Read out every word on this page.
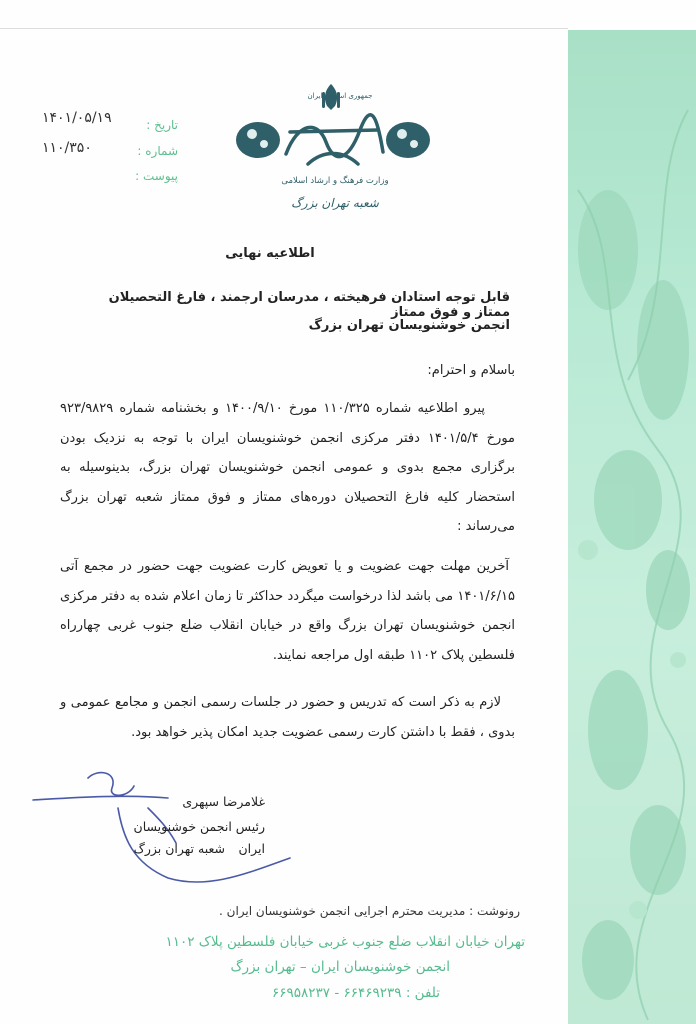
تاریخ :
شماره :
پیوست :
۱۴۰۱/۰۵/۱۹
۱۱۰/۳۵۰
جمهوری اسلامی ایران
وزارت فرهنگ و ارشاد اسلامی
شعبه تهران بزرگ
اطلاعیه نهایی
قابل توجه استادان فرهیخته ، مدرسان ارجمند ، فارغ التحصیلان ممتاز و فوق ممتاز
انجمن خوشنویسان تهران بزرگ
باسلام و احترام:
پیرو اطلاعیه شماره ۱۱۰/۳۲۵ مورخ ۱۴۰۰/۹/۱۰ و بخشنامه شماره ۹۲۳/۹۸۲۹ مورخ ۱۴۰۱/۵/۴ دفتر مرکزی انجمن خوشنویسان ایران با توجه به نزدیک بودن برگزاری مجمع بدوی و عمومی انجمن خوشنویسان تهران بزرگ، بدینوسیله به استحضار کلیه فارغ التحصیلان دوره‌های ممتاز و فوق ممتاز شعبه تهران بزرگ می‌رساند :
آخرین مهلت جهت عضویت و یا تعویض کارت عضویت جهت حضور در مجمع آتی ۱۴۰۱/۶/۱۵ می باشد لذا درخواست میگردد حداکثر تا زمان اعلام شده به دفتر مرکزی انجمن خوشنویسان تهران بزرگ واقع در خیابان انقلاب ضلع جنوب غربی چهارراه فلسطین پلاک ۱۱۰۲ طبقه اول مراجعه نمایند.
لازم به ذکر است که تدریس و حضور در جلسات رسمی انجمن و مجامع عمومی و بدوی ، فقط با داشتن کارت رسمی عضویت جدید امکان پذیر خواهد بود.
غلامرضا سپهری
رئیس انجمن خوشنویسان ایران
شعبه تهران بزرگ
رونوشت : مدیریت محترم اجرایی انجمن خوشنویسان ایران .
تهران خیابان انقلاب ضلع جنوب غربی خیابان فلسطین پلاک ۱۱۰۲
انجمن خوشنویسان ایران – تهران بزرگ
تلفن : ۶۶۴۶۹۲۳۹ - ۶۶۹۵۸۲۳۷
